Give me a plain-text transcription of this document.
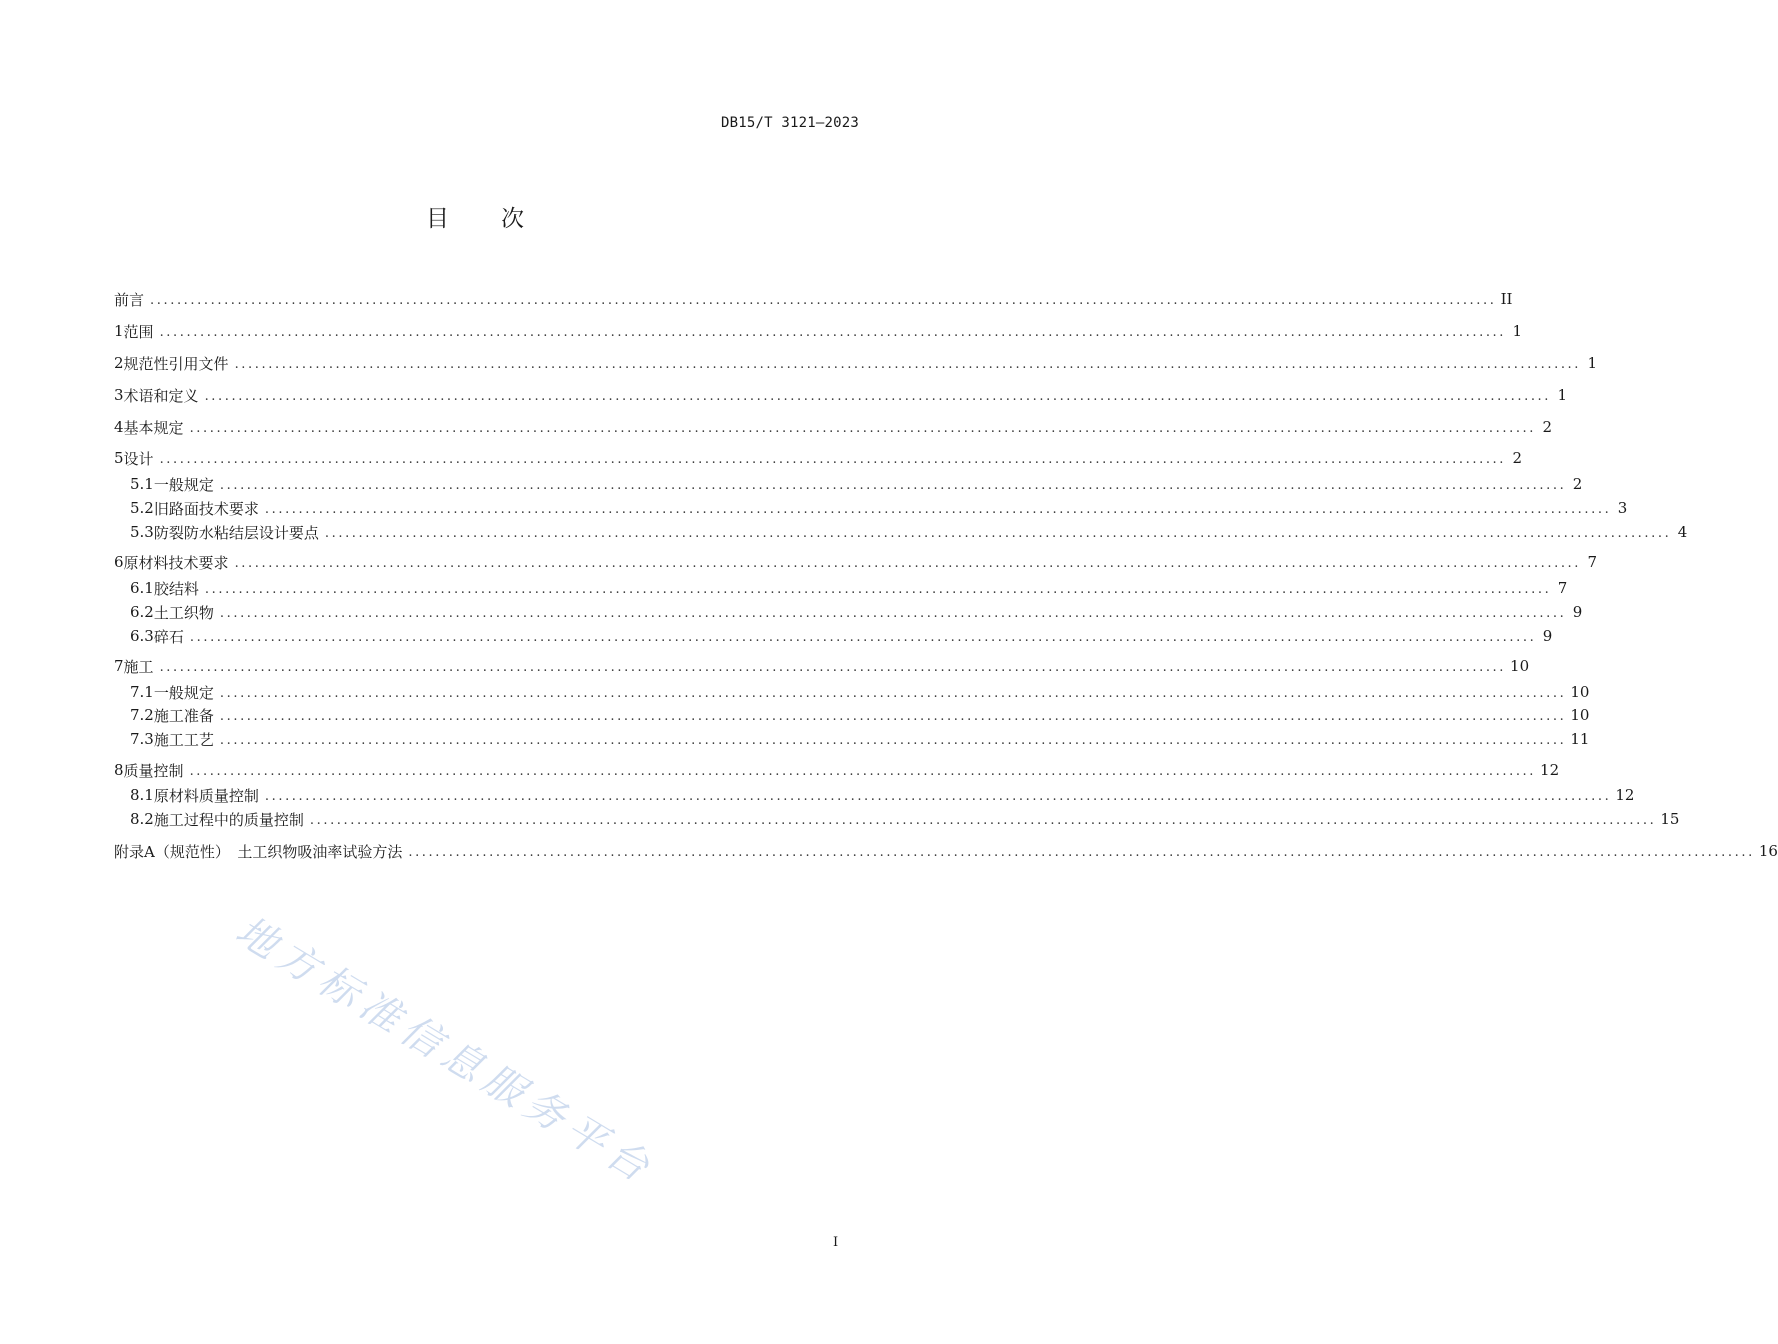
DB15/T 3121—2023
目 次
前言 ........................................................................................................................................................................................................ II
1 范围 ........................................................................................................................................................................................................ 1
2 规范性引用文件 ........................................................................................................................................................................................................ 1
3 术语和定义 ........................................................................................................................................................................................................ 1
4 基本规定 ........................................................................................................................................................................................................ 2
5 设计 ........................................................................................................................................................................................................ 2
5.1 一般规定 ........................................................................................................................................................................................................ 2
5.2 旧路面技术要求 ........................................................................................................................................................................................................ 3
5.3 防裂防水粘结层设计要点 ........................................................................................................................................................................................................ 4
6 原材料技术要求 ........................................................................................................................................................................................................ 7
6.1 胶结料 ........................................................................................................................................................................................................ 7
6.2 土工织物 ........................................................................................................................................................................................................ 9
6.3 碎石 ........................................................................................................................................................................................................ 9
7 施工 ........................................................................................................................................................................................................ 10
7.1 一般规定 ........................................................................................................................................................................................................ 10
7.2 施工准备 ........................................................................................................................................................................................................ 10
7.3 施工工艺 ........................................................................................................................................................................................................ 11
8 质量控制 ........................................................................................................................................................................................................ 12
8.1 原材料质量控制 ........................................................................................................................................................................................................ 12
8.2 施工过程中的质量控制 ........................................................................................................................................................................................................ 15
附录A（规范性）　土工织物吸油率试验方法 ........................................................................................................................................................................................................ 16
I
地方标准信息服务平台
